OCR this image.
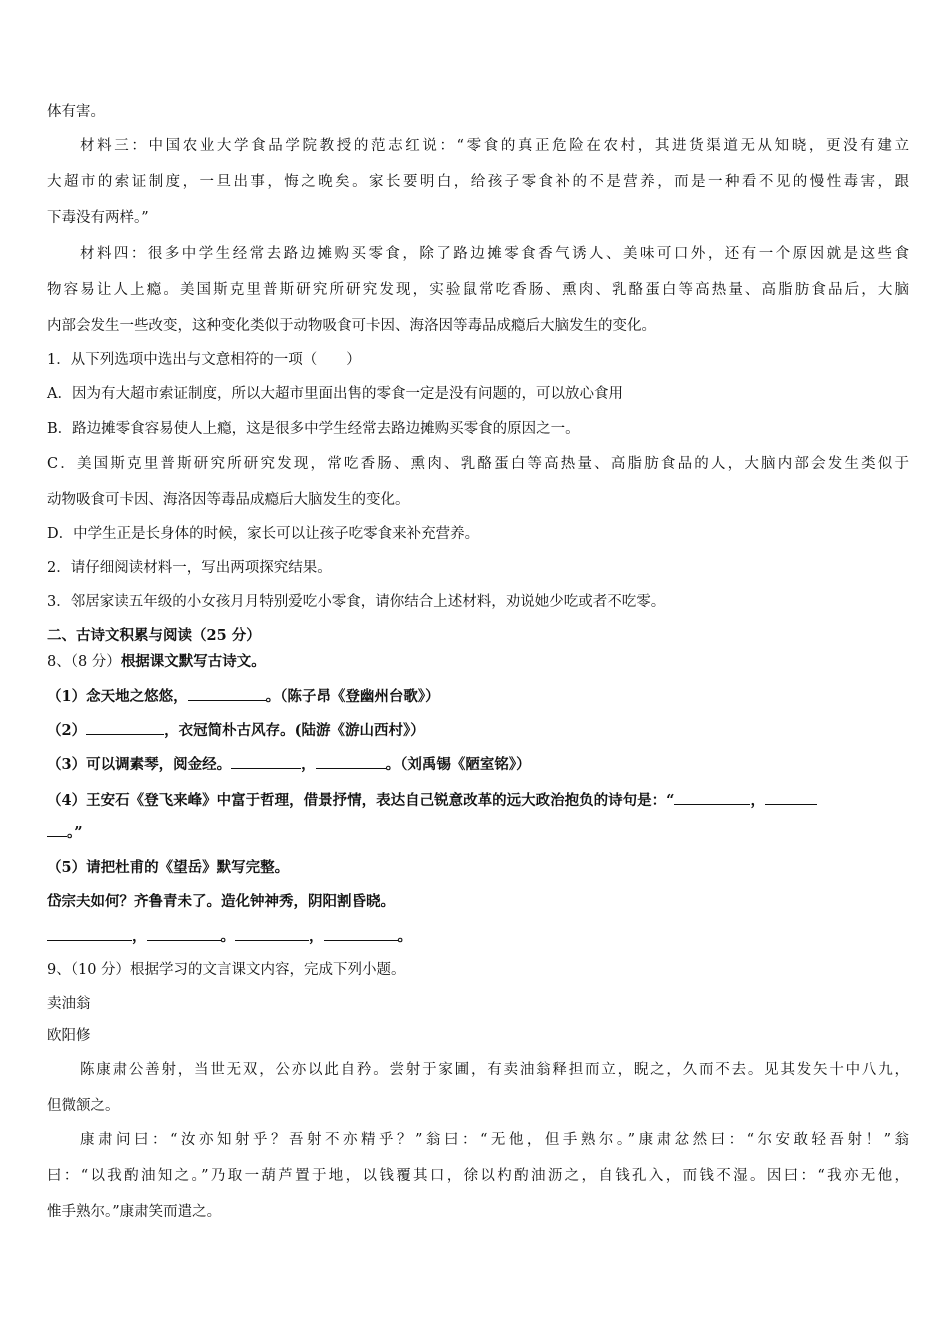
体有害。
材料三：中国农业大学食品学院教授的范志红说：“零食的真正危险在农村，其进货渠道无从知晓，更没有建立
大超市的索证制度，一旦出事，悔之晚矣。家长要明白，给孩子零食补的不是营养，而是一种看不见的慢性毒害，跟
下毒没有两样。”
材料四：很多中学生经常去路边摊购买零食，除了路边摊零食香气诱人、美味可口外，还有一个原因就是这些食
物容易让人上瘾。美国斯克里普斯研究所研究发现，实验鼠常吃香肠、熏肉、乳酪蛋白等高热量、高脂肪食品后，大脑
内部会发生一些改变，这种变化类似于动物吸食可卡因、海洛因等毒品成瘾后大脑发生的变化。
1．从下列选项中选出与文意相符的一项（　　）
A．因为有大超市索证制度，所以大超市里面出售的零食一定是没有问题的，可以放心食用
B．路边摊零食容易使人上瘾，这是很多中学生经常去路边摊购买零食的原因之一。
C．美国斯克里普斯研究所研究发现，常吃香肠、熏肉、乳酪蛋白等高热量、高脂肪食品的人，大脑内部会发生类似于
动物吸食可卡因、海洛因等毒品成瘾后大脑发生的变化。
D．中学生正是长身体的时候，家长可以让孩子吃零食来补充营养。
2．请仔细阅读材料一，写出两项探究结果。
3．邻居家读五年级的小女孩月月特别爱吃小零食，请你结合上述材料，劝说她少吃或者不吃零。
二、古诗文积累与阅读（25 分）
8、（8 分）根据课文默写古诗文。
（1）念天地之悠悠，	。（陈子昂《登幽州台歌》）
（2）	，衣冠简朴古风存。(陆游《游山西村》）
（3）可以调素琴，阅金经。	，	。（刘禹锡《陋室铭》）
（4）王安石《登飞来峰》中富于哲理，借景抒情，表达自己锐意改革的远大政治抱负的诗句是：“	，
。”
（5）请把杜甫的《望岳》默写完整。
岱宗夫如何？齐鲁青未了。造化钟神秀，阴阳割昏晓。
，	。	，	。
9、（10 分）根据学习的文言课文内容，完成下列小题。
卖油翁
欧阳修
陈康肃公善射，当世无双，公亦以此自矜。尝射于家圃，有卖油翁释担而立，睨之，久而不去。见其发矢十中八九，
但微颔之。
康肃问曰：“汝亦知射乎？吾射不亦精乎？”翁曰：“无他，但手熟尔。”康肃忿然曰：“尔安敢轻吾射！”翁
曰：“以我酌油知之。”乃取一葫芦置于地，以钱覆其口，徐以杓酌油沥之，自钱孔入，而钱不湿。因曰：“我亦无他，
惟手熟尔。”康肃笑而遣之。
